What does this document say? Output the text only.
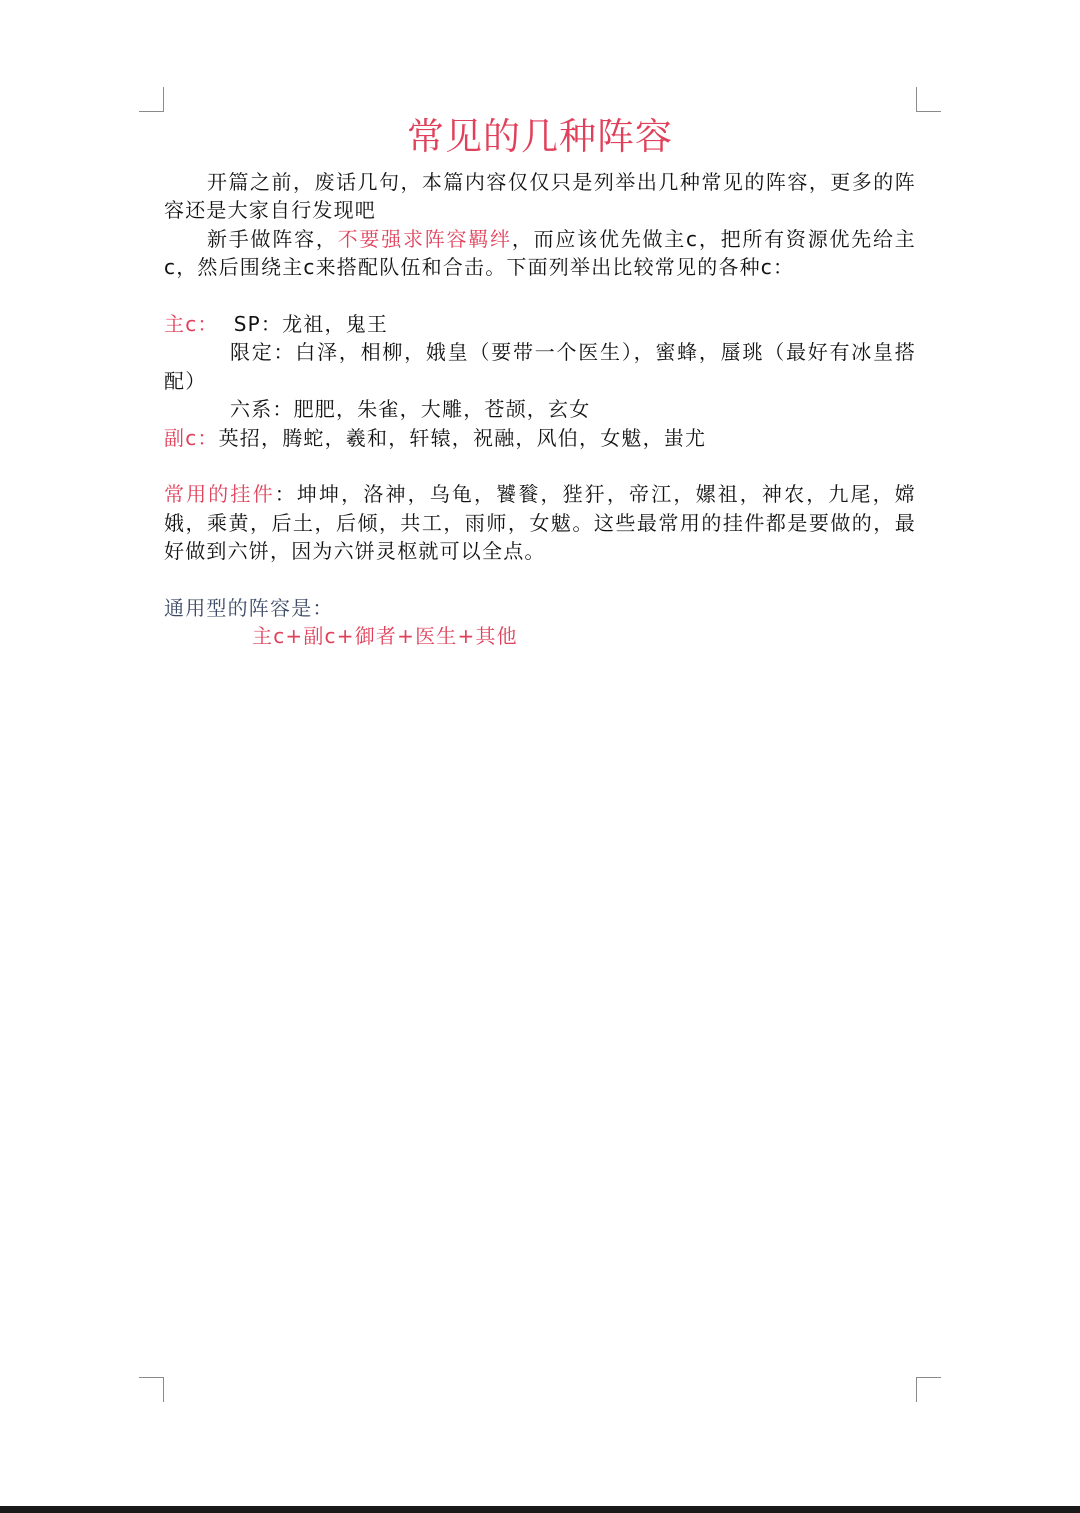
常见的几种阵容

开篇之前，废话几句，本篇内容仅仅只是列举出几种常见的阵容，更多的阵容还是大家自行发现吧

新手做阵容，不要强求阵容羁绊，而应该优先做主c，把所有资源优先给主c，然后围绕主c来搭配队伍和合击。下面列举出比较常见的各种c：

主c： SP：龙祖，鬼王

限定：白泽，相柳，娥皇（要带一个医生），蜜蜂，蜃珧（最好有冰皇搭配）

六系：肥肥，朱雀，大雕，苍颉，玄女

副c：英招，腾蛇，羲和，轩辕，祝融，风伯，女魃，蚩尤

常用的挂件：坤坤，洛神，乌龟，饕餮，狴犴，帝江，嫘祖，神农，九尾，嫦娥，乘黄，后土，后倾，共工，雨师，女魃。这些最常用的挂件都是要做的，最好做到六饼，因为六饼灵枢就可以全点。

通用型的阵容是：

主c+副c+御者+医生+其他
